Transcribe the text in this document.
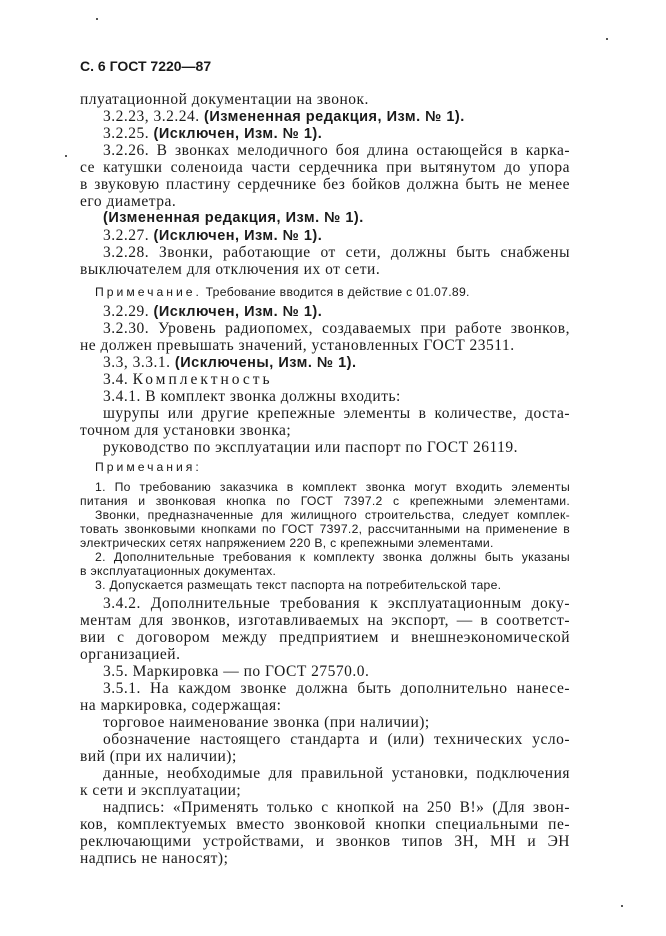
С. 6 ГОСТ 7220—87
плуатационной документации на звонок.
3.2.23, 3.2.24. (Измененная редакция, Изм. № 1).
3.2.25. (Исключен, Изм. № 1).
3.2.26. В звонках мелодичного боя длина остающейся в карка-
се катушки соленоида части сердечника при вытянутом до упора
в звуковую пластину сердечнике без бойков должна быть не менее
его диаметра.
(Измененная редакция, Изм. № 1).
3.2.27. (Исключен, Изм. № 1).
3.2.28. Звонки, работающие от сети, должны быть снабжены
выключателем для отключения их от сети.
Примечание. Требование вводится в действие с 01.07.89.
3.2.29. (Исключен, Изм. № 1).
3.2.30. Уровень радиопомех, создаваемых при работе звонков,
не должен превышать значений, установленных ГОСТ 23511.
3.3, 3.3.1. (Исключены, Изм. № 1).
3.4. Комплектность
3.4.1. В комплект звонка должны входить:
шурупы или другие крепежные элементы в количестве, доста-
точном для установки звонка;
руководство по эксплуатации или паспорт по ГОСТ 26119.
Примечания:
1. По требованию заказчика в комплект звонка могут входить элементы
питания и звонковая кнопка по ГОСТ 7397.2 с крепежными элементами.
Звонки, предназначенные для жилищного строительства, следует комплек-
товать звонковыми кнопками по ГОСТ 7397.2, рассчитанными на применение в
электрических сетях напряжением 220 В, с крепежными элементами.
2. Дополнительные требования к комплекту звонка должны быть указаны
в эксплуатационных документах.
3. Допускается размещать текст паспорта на потребительской таре.
3.4.2. Дополнительные требования к эксплуатационным доку-
ментам для звонков, изготавливаемых на экспорт, — в соответст-
вии с договором между предприятием и внешнеэкономической
организацией.
3.5. Маркировка — по ГОСТ 27570.0.
3.5.1. На каждом звонке должна быть дополнительно нанесе-
на маркировка, содержащая:
торговое наименование звонка (при наличии);
обозначение настоящего стандарта и (или) технических усло-
вий (при их наличии);
данные, необходимые для правильной установки, подключения
к сети и эксплуатации;
надпись: «Применять только с кнопкой на 250 В!» (Для звон-
ков, комплектуемых вместо звонковой кнопки специальными пе-
реключающими устройствами, и звонков типов ЗН, МН и ЭН
надпись не наносят);
